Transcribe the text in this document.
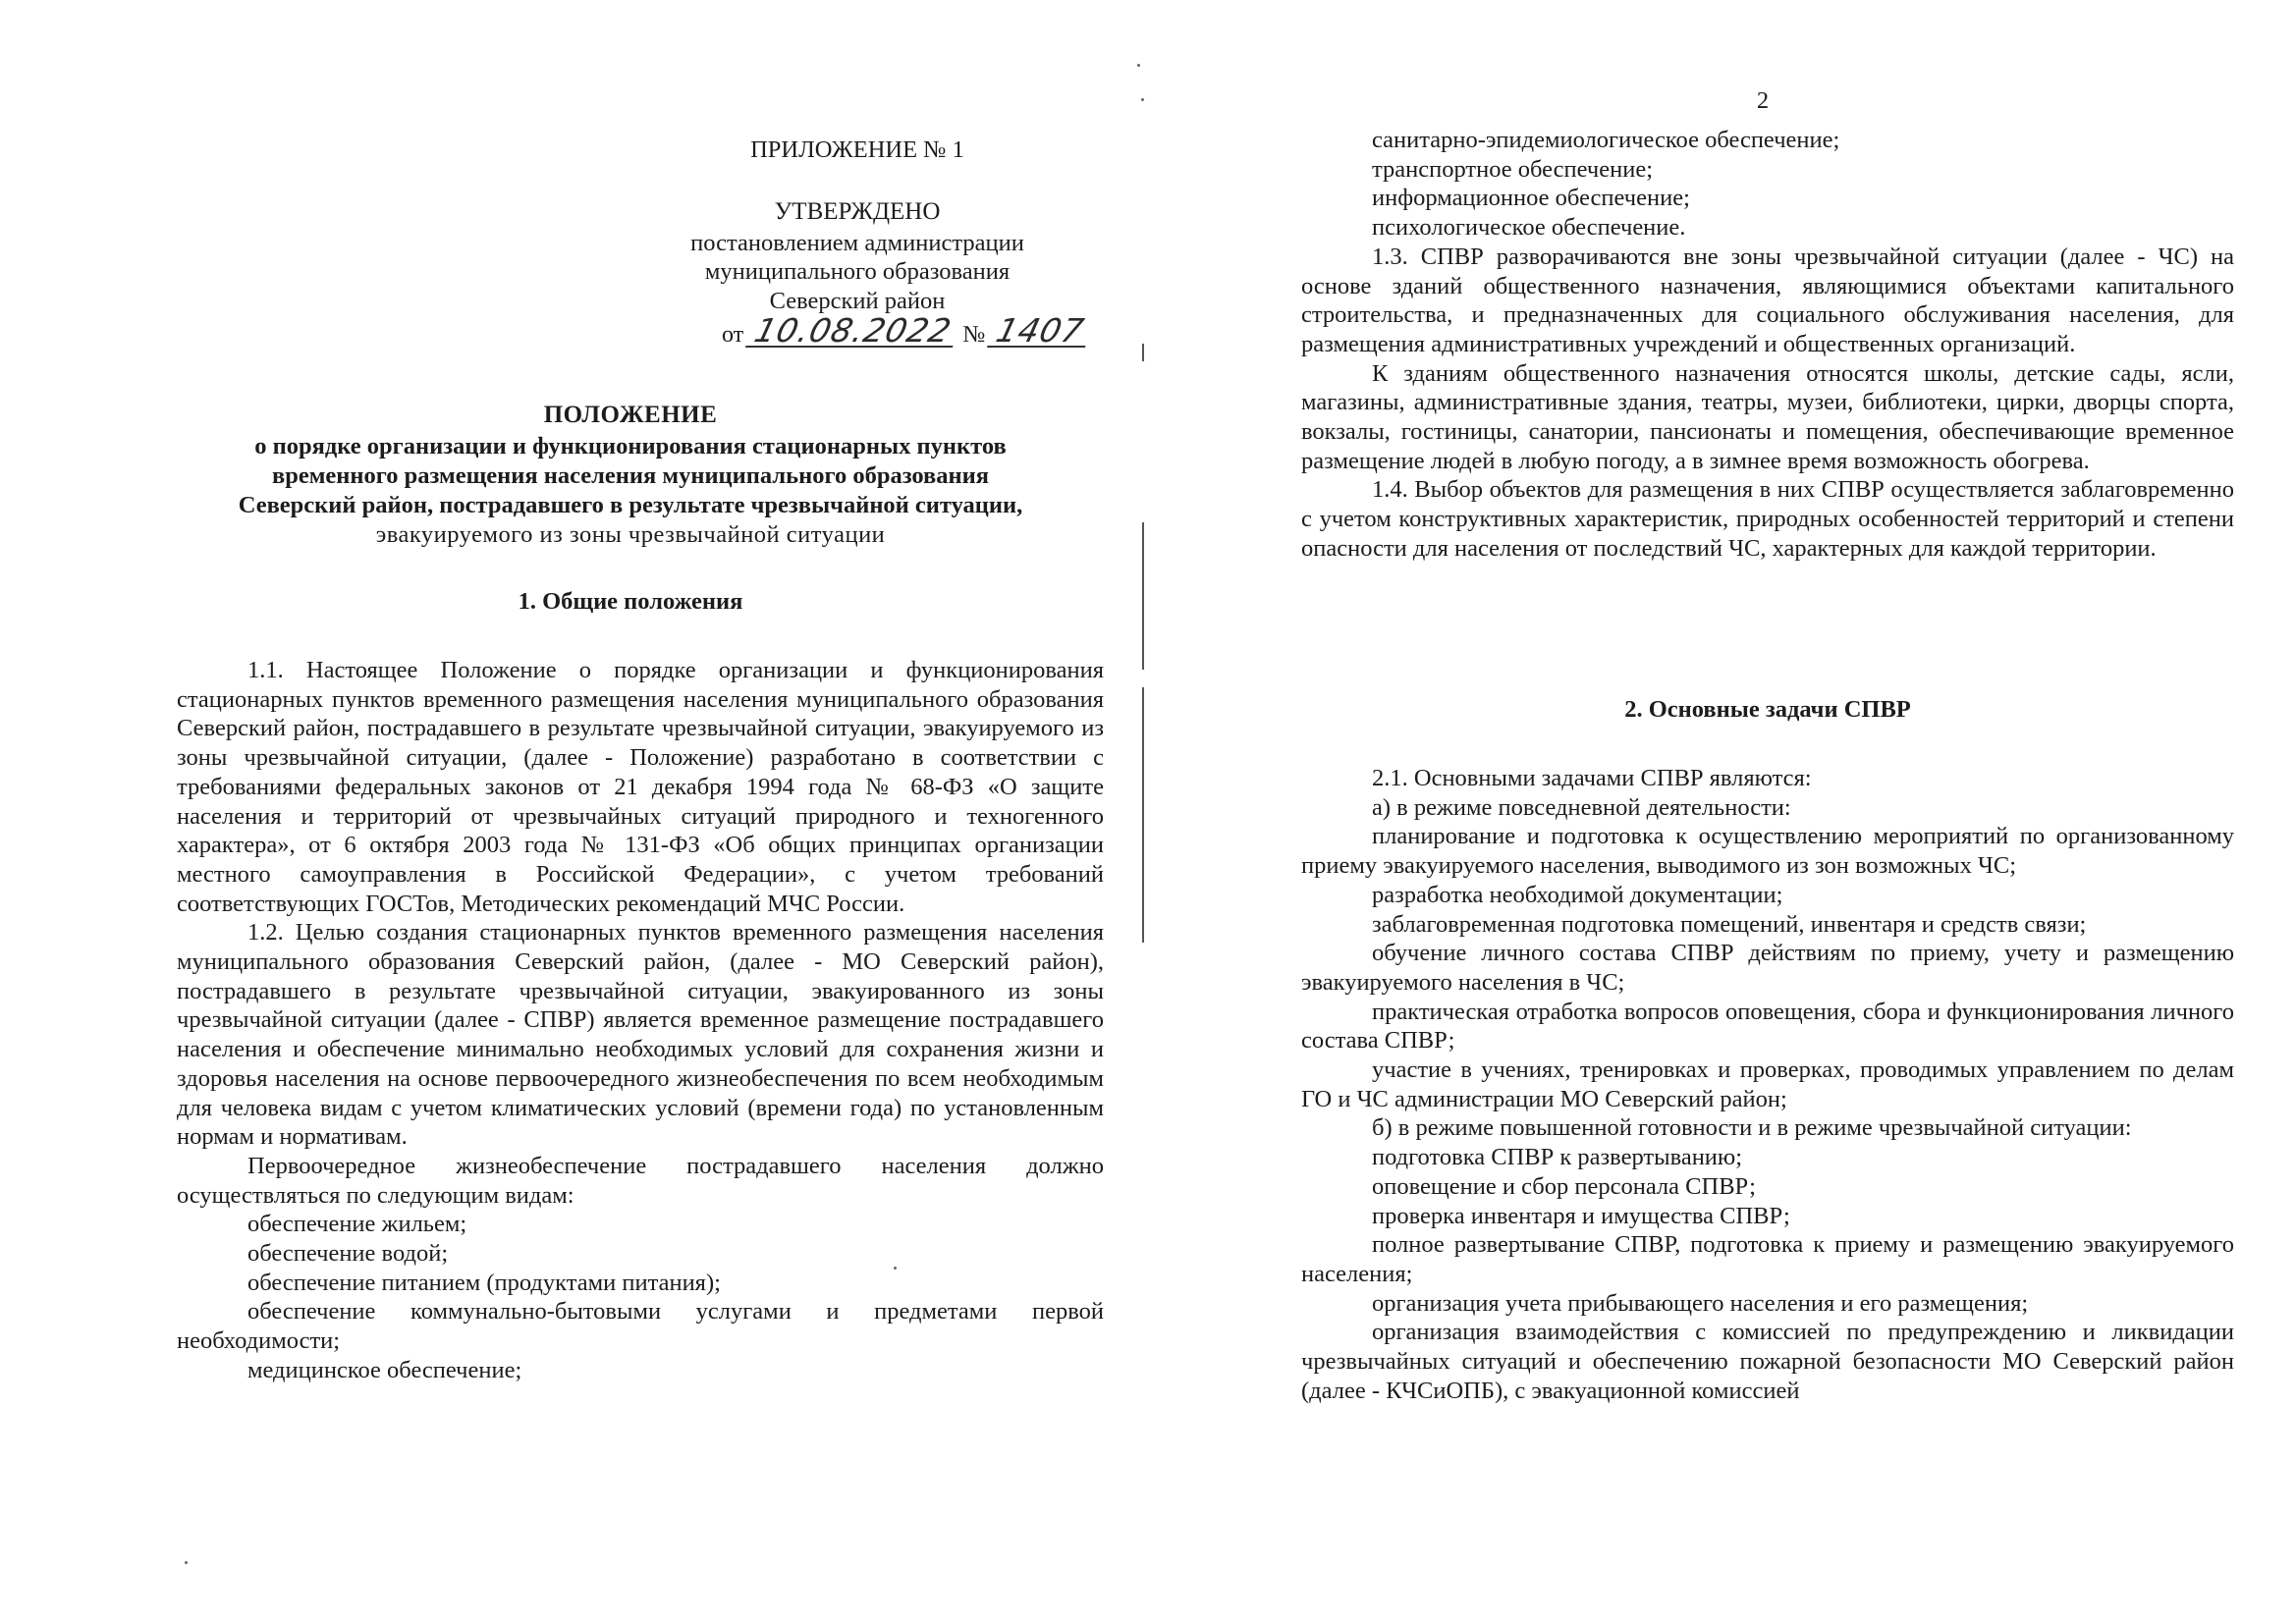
ПРИЛОЖЕНИЕ № 1
УТВЕРЖДЕНО
постановлением администрации
муниципального образования
Северский район
от 10.08.2022 № 1407
ПОЛОЖЕНИЕ
о порядке организации и функционирования стационарных пунктов
временного размещения населения муниципального образования
Северский район, пострадавшего в результате чрезвычайной ситуации,
эвакуируемого из зоны чрезвычайной ситуации
1. Общие положения

1.1. Настоящее Положение о порядке организации и функционирования стационарных пунктов временного размещения населения муниципального образования Северский район, пострадавшего в результате чрезвычайной ситуации, эвакуируемого из зоны чрезвычайной ситуации, (далее - Положение) разработано в соответствии с требованиями федеральных законов от 21 декабря 1994 года № 68-ФЗ «О защите населения и территорий от чрезвычайных ситуаций природного и техногенного характера», от 6 октября 2003 года № 131-ФЗ «Об общих принципах организации местного самоуправления в Российской Федерации», с учетом требований соответствующих ГОСТов, Методических рекомендаций МЧС России.

1.2. Целью создания стационарных пунктов временного размещения населения муниципального образования Северский район, (далее - МО Северский район), пострадавшего в результате чрезвычайной ситуации, эвакуированного из зоны чрезвычайной ситуации (далее - СПВР) является временное размещение пострадавшего населения и обеспечение минимально необходимых условий для сохранения жизни и здоровья населения на основе первоочередного жизнеобеспечения по всем необходимым для человека видам с учетом климатических условий (времени года) по установленным нормам и нормативам.

Первоочередное жизнеобеспечение пострадавшего населения должно осуществляться по следующим видам:

обеспечение жильем;

обеспечение водой;

обеспечение питанием (продуктами питания);

обеспечение коммунально-бытовыми услугами и предметами первой необходимости;

медицинское обеспечение;

2

санитарно-эпидемиологическое обеспечение;

транспортное обеспечение;

информационное обеспечение;

психологическое обеспечение.

1.3. СПВР разворачиваются вне зоны чрезвычайной ситуации (далее - ЧС) на основе зданий общественного назначения, являющимися объектами капитального строительства, и предназначенных для социального обслуживания населения, для размещения административных учреждений и общественных организаций.

К зданиям общественного назначения относятся школы, детские сады, ясли, магазины, административные здания, театры, музеи, библиотеки, цирки, дворцы спорта, вокзалы, гостиницы, санатории, пансионаты и помещения, обеспечивающие временное размещение людей в любую погоду, а в зимнее время возможность обогрева.

1.4. Выбор объектов для размещения в них СПВР осуществляется заблаговременно с учетом конструктивных характеристик, природных особенностей территорий и степени опасности для населения от последствий ЧС, характерных для каждой территории.

2. Основные задачи СПВР

2.1. Основными задачами СПВР являются:

а) в режиме повседневной деятельности:

планирование и подготовка к осуществлению мероприятий по организованному приему эвакуируемого населения, выводимого из зон возможных ЧС;

разработка необходимой документации;

заблаговременная подготовка помещений, инвентаря и средств связи;

обучение личного состава СПВР действиям по приему, учету и размещению эвакуируемого населения в ЧС;

практическая отработка вопросов оповещения, сбора и функционирования личного состава СПВР;

участие в учениях, тренировках и проверках, проводимых управлением по делам ГО и ЧС администрации МО Северский район;

б) в режиме повышенной готовности и в режиме чрезвычайной ситуации:

подготовка СПВР к развертыванию;

оповещение и сбор персонала СПВР;

проверка инвентаря и имущества СПВР;

полное развертывание СПВР, подготовка к приему и размещению эвакуируемого населения;

организация учета прибывающего населения и его размещения;

организация взаимодействия с комиссией по предупреждению и ликвидации чрезвычайных ситуаций и обеспечению пожарной безопасности МО Северский район (далее - КЧСиОПБ), с эвакуационной комиссией
